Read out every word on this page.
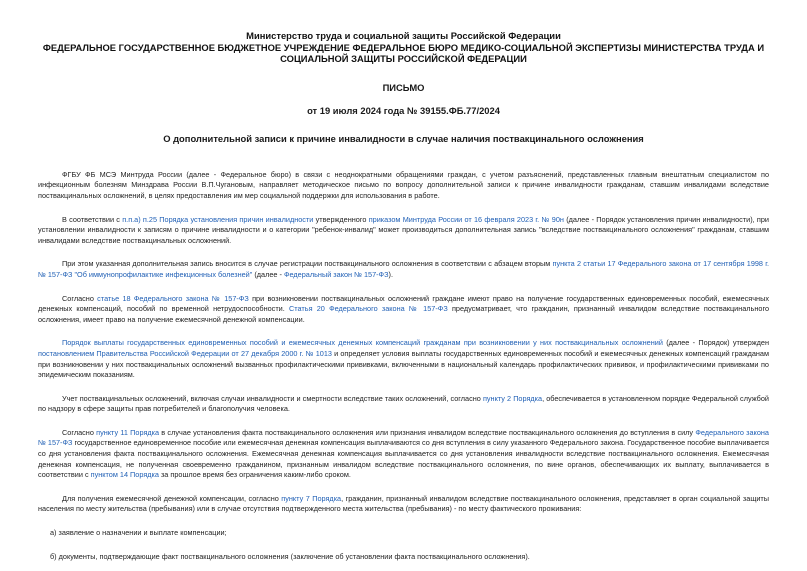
Министерство труда и социальной защиты Российской Федерации
ФЕДЕРАЛЬНОЕ ГОСУДАРСТВЕННОЕ БЮДЖЕТНОЕ УЧРЕЖДЕНИЕ ФЕДЕРАЛЬНОЕ БЮРО МЕДИКО-СОЦИАЛЬНОЙ ЭКСПЕРТИЗЫ МИНИСТЕРСТВА ТРУДА И СОЦИАЛЬНОЙ ЗАЩИТЫ РОССИЙСКОЙ ФЕДЕРАЦИИ
ПИСЬМО
от 19 июля 2024 года № 39155.ФБ.77/2024
О дополнительной записи к причине инвалидности в случае наличия поствакцинального осложнения

ФГБУ ФБ МСЭ Минтруда России (далее - Федеральное бюро) в связи с неоднократными обращениями граждан, с учетом разъяснений, представленных главным внештатным специалистом по инфекционным болезням Минздрава России В.П.Чугановым, направляет методическое письмо по вопросу дополнительной записи к причине инвалидности гражданам, ставшим инвалидами вследствие поствакцинальных осложнений, в целях предоставления им мер социальной поддержки для использования в работе.

В соответствии с п.п.а) п.25 Порядка установления причин инвалидности утвержденного приказом Минтруда России от 16 февраля 2023 г. № 90н (далее - Порядок установления причин инвалидности), при установлении инвалидности к записям о причине инвалидности и о категории "ребенок-инвалид" может производиться дополнительная запись "вследствие поствакцинального осложнения" гражданам, ставшим инвалидами вследствие поствакцинальных осложнений.

При этом указанная дополнительная запись вносится в случае регистрации поствакцинального осложнения в соответствии с абзацем вторым пункта 2 статьи 17 Федерального закона от 17 сентября 1998 г. № 157-ФЗ "Об иммунопрофилактике инфекционных болезней" (далее - Федеральный закон № 157-ФЗ).

Согласно статье 18 Федерального закона № 157-ФЗ при возникновении поствакцинальных осложнений граждане имеют право на получение государственных единовременных пособий, ежемесячных денежных компенсаций, пособий по временной нетрудоспособности. Статья 20 Федерального закона № 157-ФЗ предусматривает, что гражданин, признанный инвалидом вследствие поствакцинального осложнения, имеет право на получение ежемесячной денежной компенсации.

Порядок выплаты государственных единовременных пособий и ежемесячных денежных компенсаций гражданам при возникновении у них поствакцинальных осложнений (далее - Порядок) утвержден постановлением Правительства Российской Федерации от 27 декабря 2000 г. № 1013 и определяет условия выплаты государственных единовременных пособий и ежемесячных денежных компенсаций гражданам при возникновении у них поствакцинальных осложнений вызванных профилактическими прививками, включенными в национальный календарь профилактических прививок, и профилактическими прививками по эпидемическим показаниям.

Учет поствакцинальных осложнений, включая случаи инвалидности и смертности вследствие таких осложнений, согласно пункту 2 Порядка, обеспечивается в установленном порядке Федеральной службой по надзору в сфере защиты прав потребителей и благополучия человека.

Согласно пункту 11 Порядка в случае установления факта поствакцинального осложнения или признания инвалидом вследствие поствакцинального осложнения до вступления в силу Федерального закона № 157-ФЗ государственное единовременное пособие или ежемесячная денежная компенсация выплачиваются со дня вступления в силу указанного Федерального закона. Государственное пособие выплачивается со дня установления факта поствакцинального осложнения. Ежемесячная денежная компенсация выплачивается со дня установления инвалидности вследствие поствакцинального осложнения. Ежемесячная денежная компенсация, не полученная своевременно гражданином, признанным инвалидом вследствие поствакцинального осложнения, по вине органов, обеспечивающих их выплату, выплачивается в соответствии с пунктом 14 Порядка за прошлое время без ограничения каким-либо сроком.

Для получения ежемесячной денежной компенсации, согласно пункту 7 Порядка, гражданин, признанный инвалидом вследствие поствакцинального осложнения, представляет в орган социальной защиты населения по месту жительства (пребывания) или в случае отсутствия подтвержденного места жительства (пребывания) - по месту фактического проживания:

а) заявление о назначении и выплате компенсации;

б) документы, подтверждающие факт поствакцинального осложнения (заключение об установлении факта поствакцинального осложнения).
